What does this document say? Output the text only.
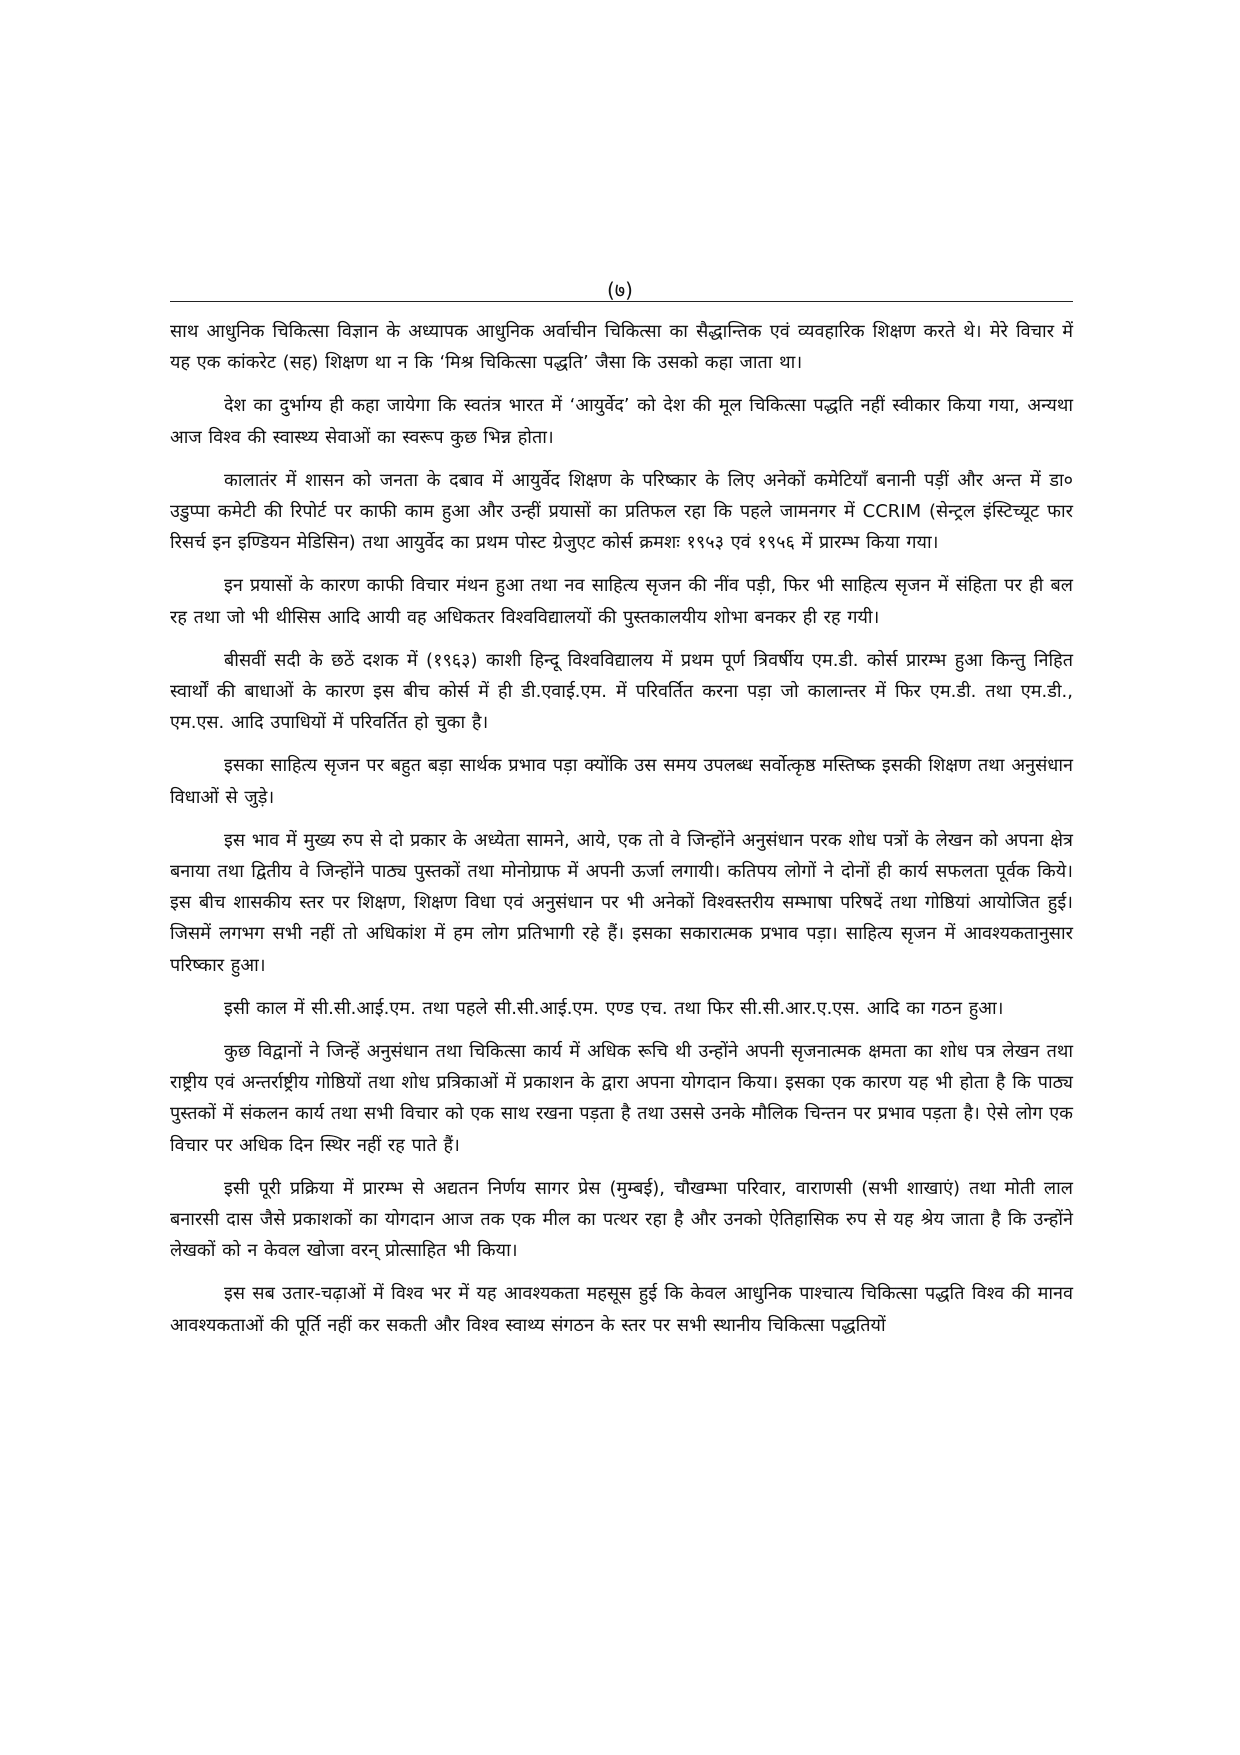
(७)

साथ आधुनिक चिकित्सा विज्ञान के अध्यापक आधुनिक अर्वाचीन चिकित्सा का सैद्धान्तिक एवं व्यवहारिक शिक्षण करते थे। मेरे विचार में यह एक कांकरेट (सह) शिक्षण था न कि ‘मिश्र चिकित्सा पद्धति’ जैसा कि उसको कहा जाता था।

देश का दुर्भाग्य ही कहा जायेगा कि स्वतंत्र भारत में ‘आयुर्वेद’ को देश की मूल चिकित्सा पद्धति नहीं स्वीकार किया गया, अन्यथा आज विश्व की स्वास्थ्य सेवाओं का स्वरूप कुछ भिन्न होता।

कालातंर में शासन को जनता के दबाव में आयुर्वेद शिक्षण के परिष्कार के लिए अनेकों कमेटियाँ बनानी पड़ीं और अन्त में डा० उडुप्पा कमेटी की रिपोर्ट पर काफी काम हुआ और उन्हीं प्रयासों का प्रतिफल रहा कि पहले जामनगर में CCRIM (सेन्ट्रल इंस्टिच्यूट फार रिसर्च इन इण्डियन मेडिसिन) तथा आयुर्वेद का प्रथम पोस्ट ग्रेजुएट कोर्स क्रमशः १९५३ एवं १९५६ में प्रारम्भ किया गया।

इन प्रयासों के कारण काफी विचार मंथन हुआ तथा नव साहित्य सृजन की नींव पड़ी, फिर भी साहित्य सृजन में संहिता पर ही बल रह तथा जो भी थीसिस आदि आयी वह अधिकतर विश्वविद्यालयों की पुस्तकालयीय शोभा बनकर ही रह गयी।

बीसवीं सदी के छठें दशक में (१९६३) काशी हिन्दू विश्वविद्यालय में प्रथम पूर्ण त्रिवर्षीय एम.डी. कोर्स प्रारम्भ हुआ किन्तु निहित स्वार्थों की बाधाओं के कारण इस बीच कोर्स में ही डी.एवाई.एम. में परिवर्तित करना पड़ा जो कालान्तर में फिर एम.डी. तथा एम.डी., एम.एस. आदि उपाधियों में परिवर्तित हो चुका है।

इसका साहित्य सृजन पर बहुत बड़ा सार्थक प्रभाव पड़ा क्योंकि उस समय उपलब्ध सर्वोत्कृष्ठ मस्तिष्क इसकी शिक्षण तथा अनुसंधान विधाओं से जुड़े।

इस भाव में मुख्य रुप से दो प्रकार के अध्येता सामने, आये, एक तो वे जिन्होंने अनुसंधान परक शोध पत्रों के लेखन को अपना क्षेत्र बनाया तथा द्वितीय वे जिन्होंने पाठ्य पुस्तकों तथा मोनोग्राफ में अपनी ऊर्जा लगायी। कतिपय लोगों ने दोनों ही कार्य सफलता पूर्वक किये। इस बीच शासकीय स्तर पर शिक्षण, शिक्षण विधा एवं अनुसंधान पर भी अनेकों विश्वस्तरीय सम्भाषा परिषदें तथा गोष्ठियां आयोजित हुई। जिसमें लगभग सभी नहीं तो अधिकांश में हम लोग प्रतिभागी रहे हैं। इसका सकारात्मक प्रभाव पड़ा। साहित्य सृजन में आवश्यकतानुसार परिष्कार हुआ।

इसी काल में सी.सी.आई.एम. तथा पहले सी.सी.आई.एम. एण्ड एच. तथा फिर सी.सी.आर.ए.एस. आदि का गठन हुआ।

कुछ विद्वानों ने जिन्हें अनुसंधान तथा चिकित्सा कार्य में अधिक रूचि थी उन्होंने अपनी सृजनात्मक क्षमता का शोध पत्र लेखन तथा राष्ट्रीय एवं अन्तर्राष्ट्रीय गोष्ठियों तथा शोध प्रत्रिकाओं में प्रकाशन के द्वारा अपना योगदान किया। इसका एक कारण यह भी होता है कि पाठ्य पुस्तकों में संकलन कार्य तथा सभी विचार को एक साथ रखना पड़ता है तथा उससे उनके मौलिक चिन्तन पर प्रभाव पड़ता है। ऐसे लोग एक विचार पर अधिक दिन स्थिर नहीं रह पाते हैं।

इसी पूरी प्रक्रिया में प्रारम्भ से अद्यतन निर्णय सागर प्रेस (मुम्बई), चौखम्भा परिवार, वाराणसी (सभी शाखाएं) तथा मोती लाल बनारसी दास जैसे प्रकाशकों का योगदान आज तक एक मील का पत्थर रहा है और उनको ऐतिहासिक रुप से यह श्रेय जाता है कि उन्होंने लेखकों को न केवल खोजा वरन् प्रोत्साहित भी किया।

इस सब उतार-चढ़ाओं में विश्व भर में यह आवश्यकता महसूस हुई कि केवल आधुनिक पाश्चात्य चिकित्सा पद्धति विश्व की मानव आवश्यकताओं की पूर्ति नहीं कर सकती और विश्व स्वाथ्य संगठन के स्तर पर सभी स्थानीय चिकित्सा पद्धतियों
